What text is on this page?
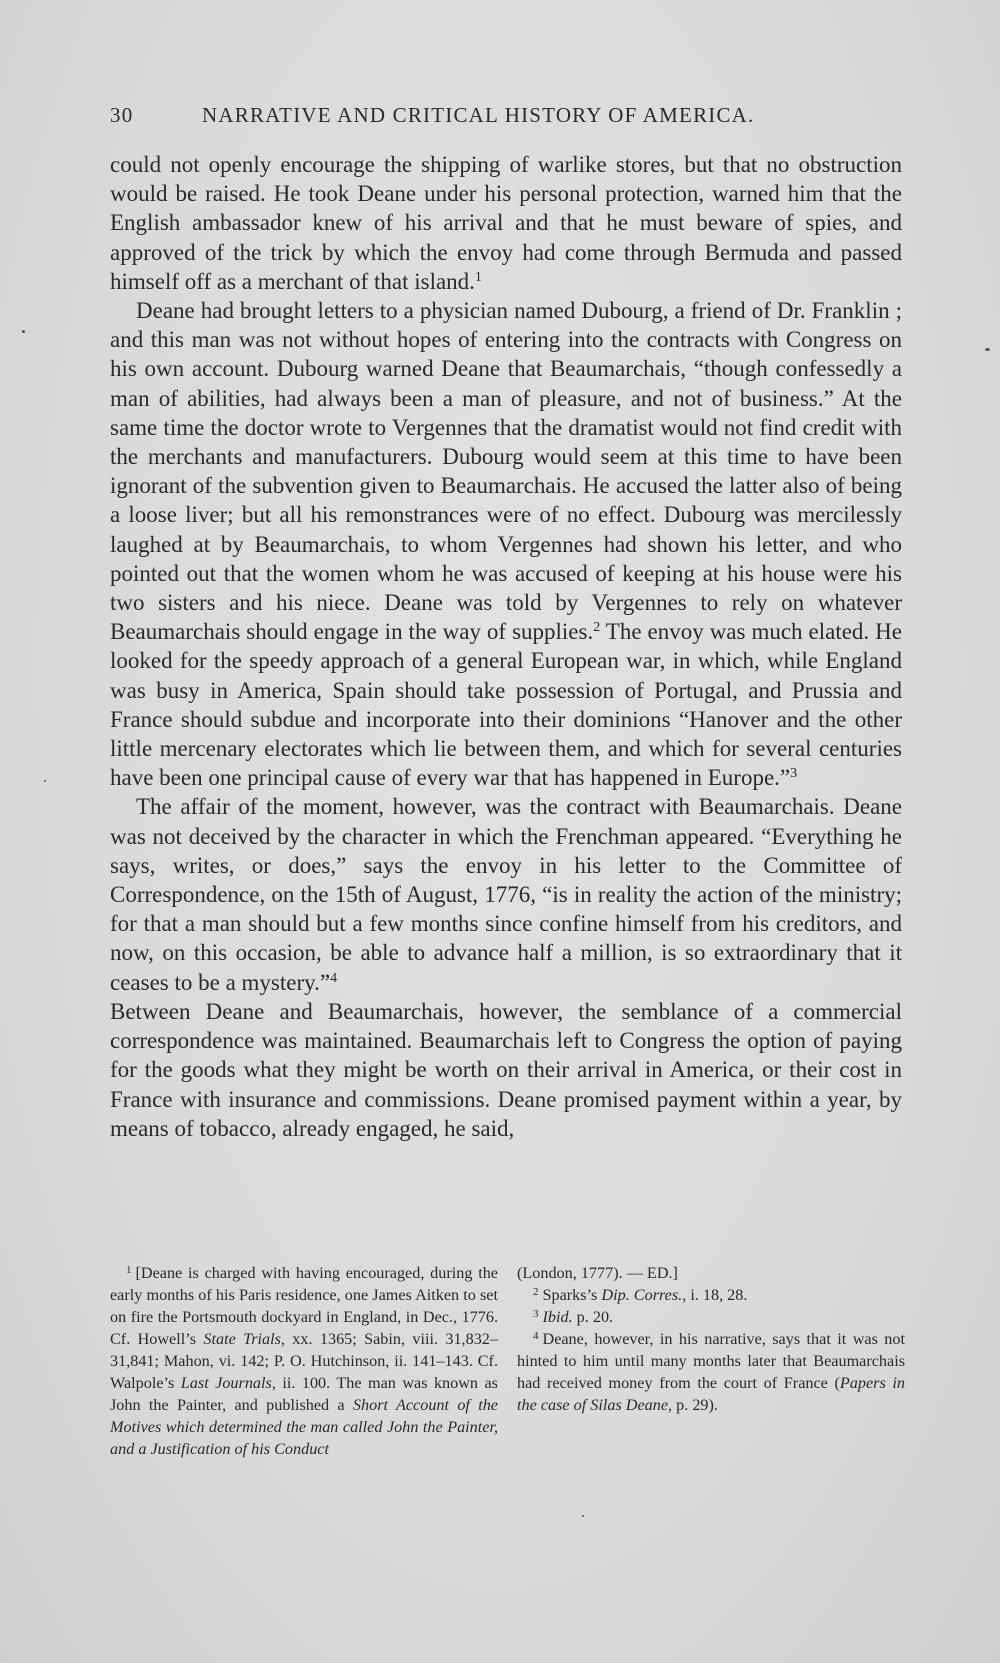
30	NARRATIVE AND CRITICAL HISTORY OF AMERICA.

could not openly encourage the shipping of warlike stores, but that no obstruction would be raised. He took Deane under his personal protection, warned him that the English ambassador knew of his arrival and that he must beware of spies, and approved of the trick by which the envoy had come through Bermuda and passed himself off as a merchant of that island.$^1$

Deane had brought letters to a physician named Dubourg, a friend of Dr. Franklin ; and this man was not without hopes of entering into the contracts with Congress on his own account. Dubourg warned Deane that Beaumarchais, “though confessedly a man of abilities, had always been a man of pleasure, and not of business.” At the same time the doctor wrote to Vergennes that the dramatist would not find credit with the merchants and manufacturers. Dubourg would seem at this time to have been ignorant of the subvention given to Beaumarchais. He accused the latter also of being a loose liver; but all his remonstrances were of no effect. Dubourg was mercilessly laughed at by Beaumarchais, to whom Vergennes had shown his letter, and who pointed out that the women whom he was accused of keeping at his house were his two sisters and his niece. Deane was told by Vergennes to rely on whatever Beaumarchais should engage in the way of supplies.$^2$ The envoy was much elated. He looked for the speedy approach of a general European war, in which, while England was busy in America, Spain should take possession of Portugal, and Prussia and France should subdue and incorporate into their dominions “Hanover and the other little mercenary electorates which lie between them, and which for several centuries have been one principal cause of every war that has happened in Europe.”$^3$

The affair of the moment, however, was the contract with Beaumarchais. Deane was not deceived by the character in which the Frenchman appeared. “Everything he says, writes, or does,” says the envoy in his letter to the Committee of Correspondence, on the 15th of August, 1776, “is in reality the action of the ministry; for that a man should but a few months since confine himself from his creditors, and now, on this occasion, be able to advance half a million, is so extraordinary that it ceases to be a mystery.”$^4$
Between Deane and Beaumarchais, however, the semblance of a commercial correspondence was maintained. Beaumarchais left to Congress the option of paying for the goods what they might be worth on their arrival in America, or their cost in France with insurance and commissions. Deane promised payment within a year, by means of tobacco, already engaged, he said,

$^1$ [Deane is charged with having encouraged, during the early months of his Paris residence, one James Aitken to set on fire the Portsmouth dockyard in England, in Dec., 1776. Cf. Howell’s State Trials, xx. 1365; Sabin, viii. 31,832–31,841; Mahon, vi. 142; P. O. Hutchinson, ii. 141–143. Cf. Walpole’s Last Journals, ii. 100. The man was known as John the Painter, and published a Short Account of the Motives which determined the man called John the Painter, and a Justification of his Conduct

(London, 1777). — ED.]

$^2$ Sparks’s Dip. Corres., i. 18, 28.

$^3$ Ibid. p. 20.

$^4$ Deane, however, in his narrative, says that it was not hinted to him until many months later that Beaumarchais had received money from the court of France (Papers in the case of Silas Deane, p. 29).
